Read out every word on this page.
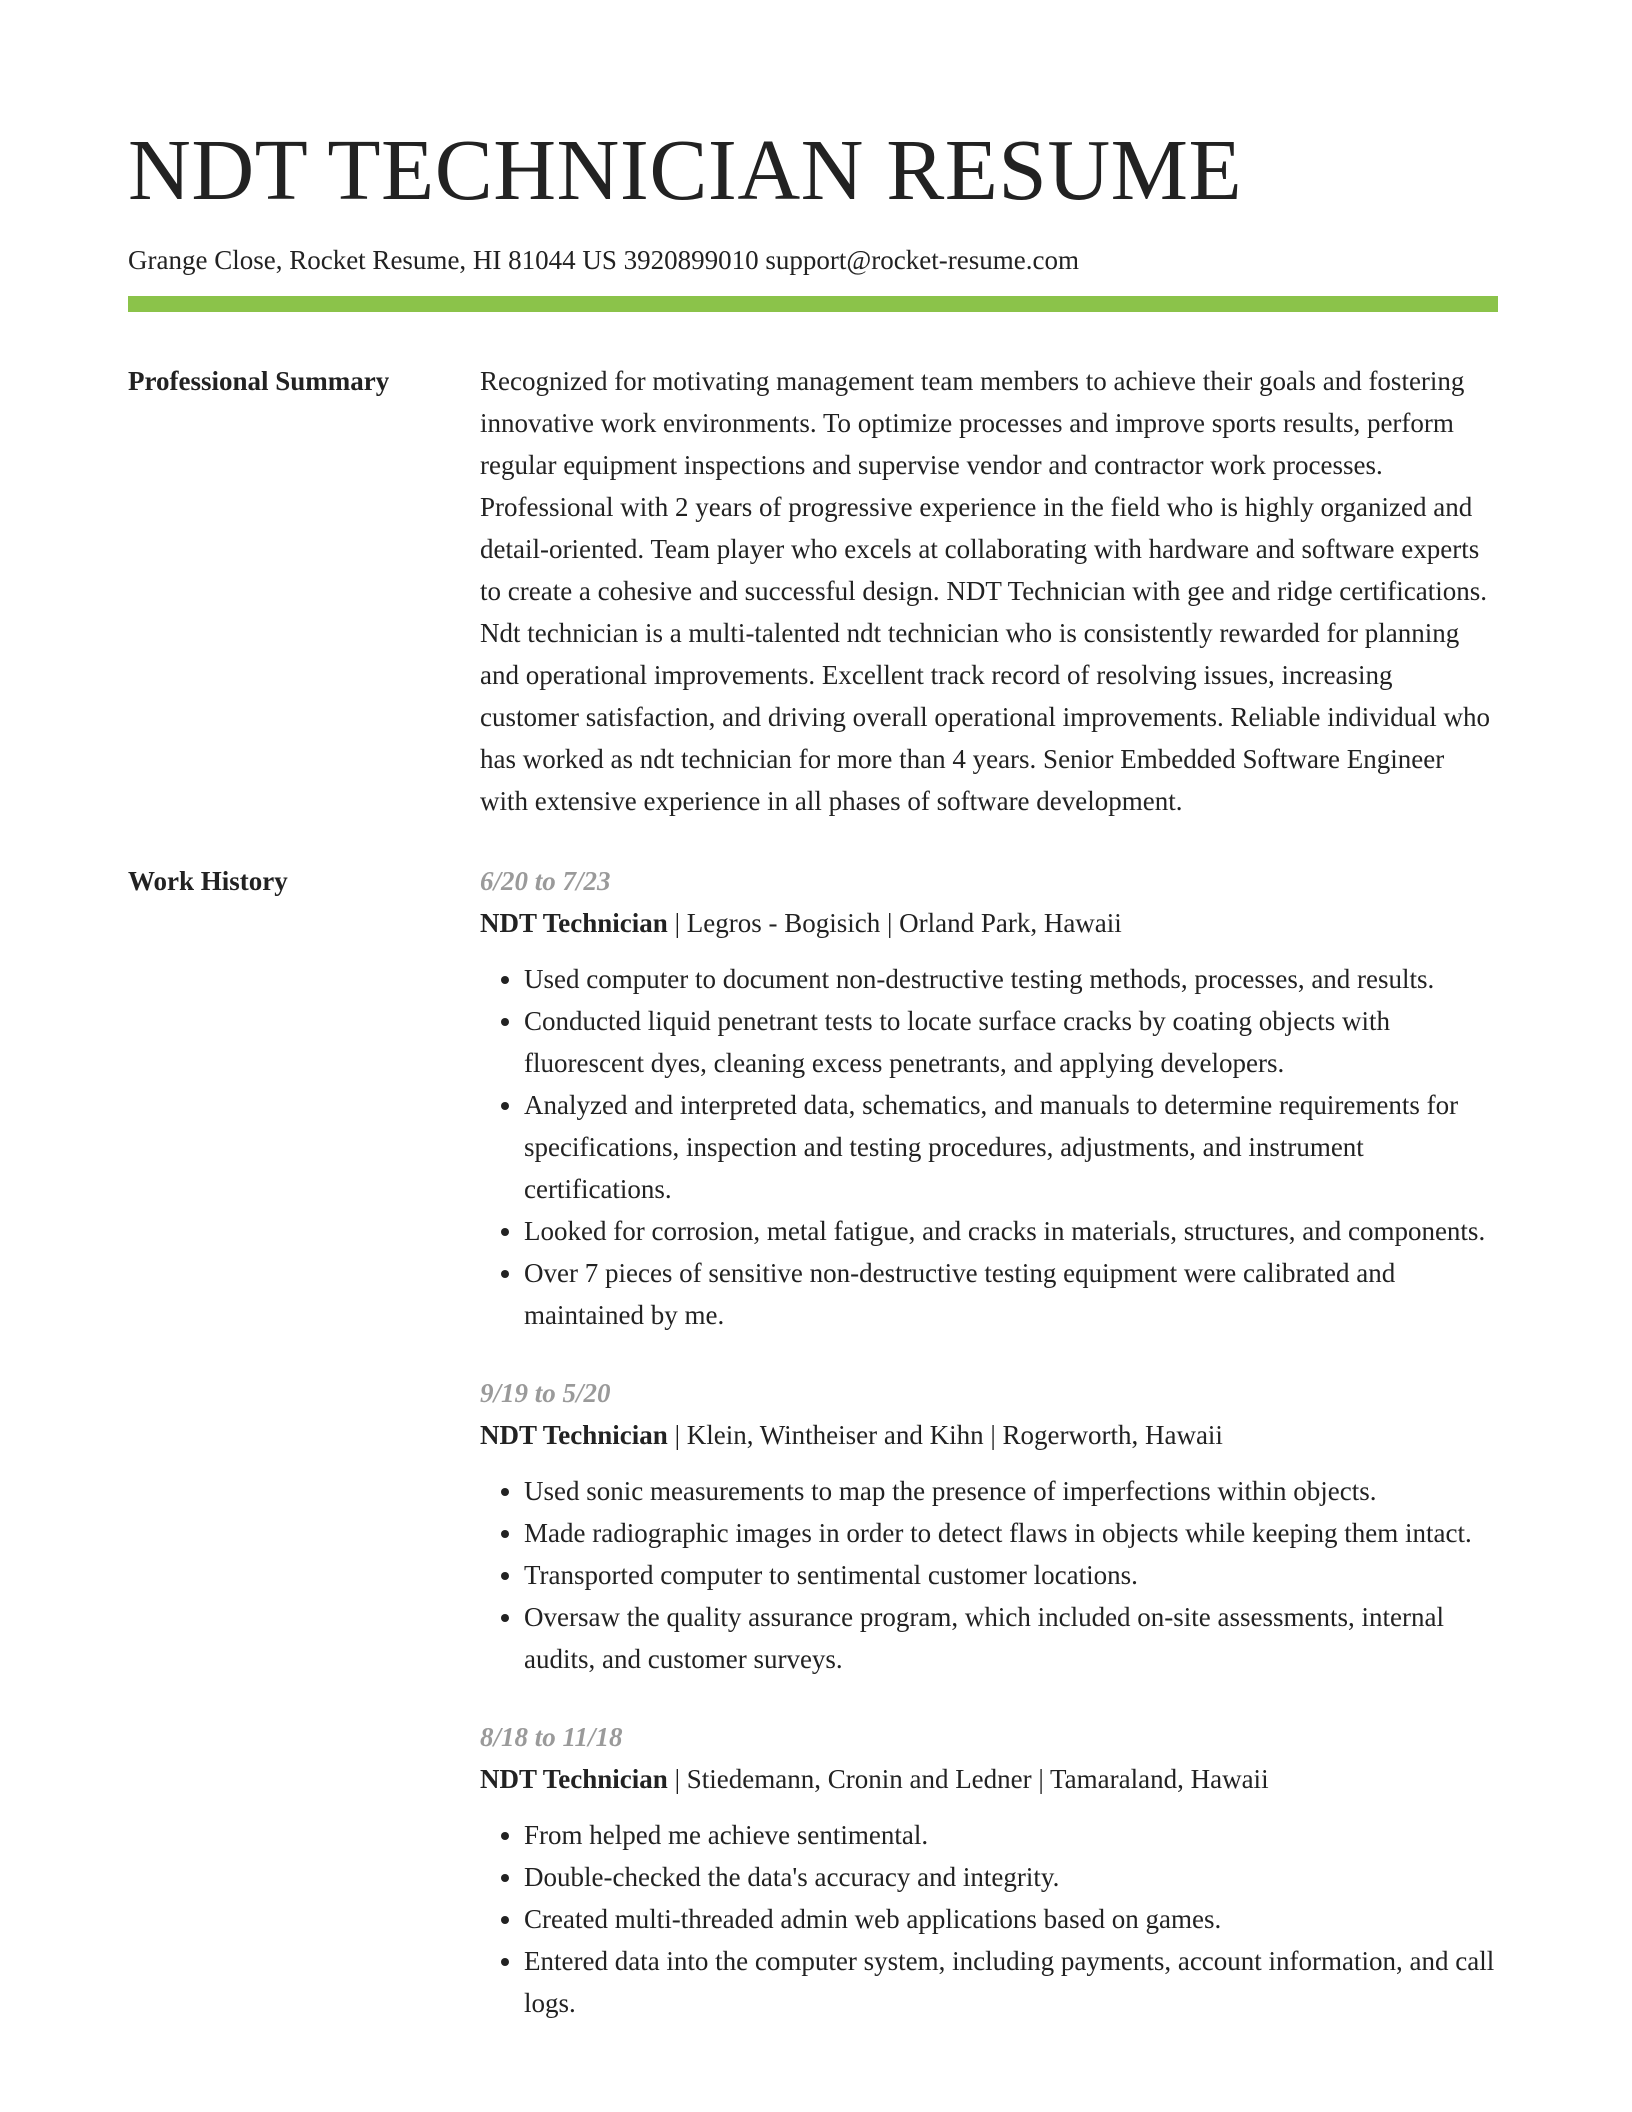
NDT TECHNICIAN RESUME
Grange Close, Rocket Resume, HI 81044 US 3920899010 support@rocket-resume.com
Professional Summary	Recognized for motivating management team members to achieve their goals and fostering innovative work environments. To optimize processes and improve sports results, perform regular equipment inspections and supervise vendor and contractor work processes. Professional with 2 years of progressive experience in the field who is highly organized and detail-oriented. Team player who excels at collaborating with hardware and software experts to create a cohesive and successful design. NDT Technician with gee and ridge certifications. Ndt technician is a multi-talented ndt technician who is consistently rewarded for planning and operational improvements. Excellent track record of resolving issues, increasing customer satisfaction, and driving overall operational improvements. Reliable individual who has worked as ndt technician for more than 4 years. Senior Embedded Software Engineer with extensive experience in all phases of software development.

Work History	6/20 to 7/23
NDT Technician | Legros - Bogisich | Orland Park, Hawaii
• Used computer to document non-destructive testing methods, processes, and results.
• Conducted liquid penetrant tests to locate surface cracks by coating objects with fluorescent dyes, cleaning excess penetrants, and applying developers.
• Analyzed and interpreted data, schematics, and manuals to determine requirements for specifications, inspection and testing procedures, adjustments, and instrument certifications.
• Looked for corrosion, metal fatigue, and cracks in materials, structures, and components.
• Over 7 pieces of sensitive non-destructive testing equipment were calibrated and maintained by me.
9/19 to 5/20
NDT Technician | Klein, Wintheiser and Kihn | Rogerworth, Hawaii
• Used sonic measurements to map the presence of imperfections within objects.
• Made radiographic images in order to detect flaws in objects while keeping them intact.
• Transported computer to sentimental customer locations.
• Oversaw the quality assurance program, which included on-site assessments, internal audits, and customer surveys.
8/18 to 11/18
NDT Technician | Stiedemann, Cronin and Ledner | Tamaraland, Hawaii
• From helped me achieve sentimental.
• Double-checked the data's accuracy and integrity.
• Created multi-threaded admin web applications based on games.
• Entered data into the computer system, including payments, account information, and call logs.
